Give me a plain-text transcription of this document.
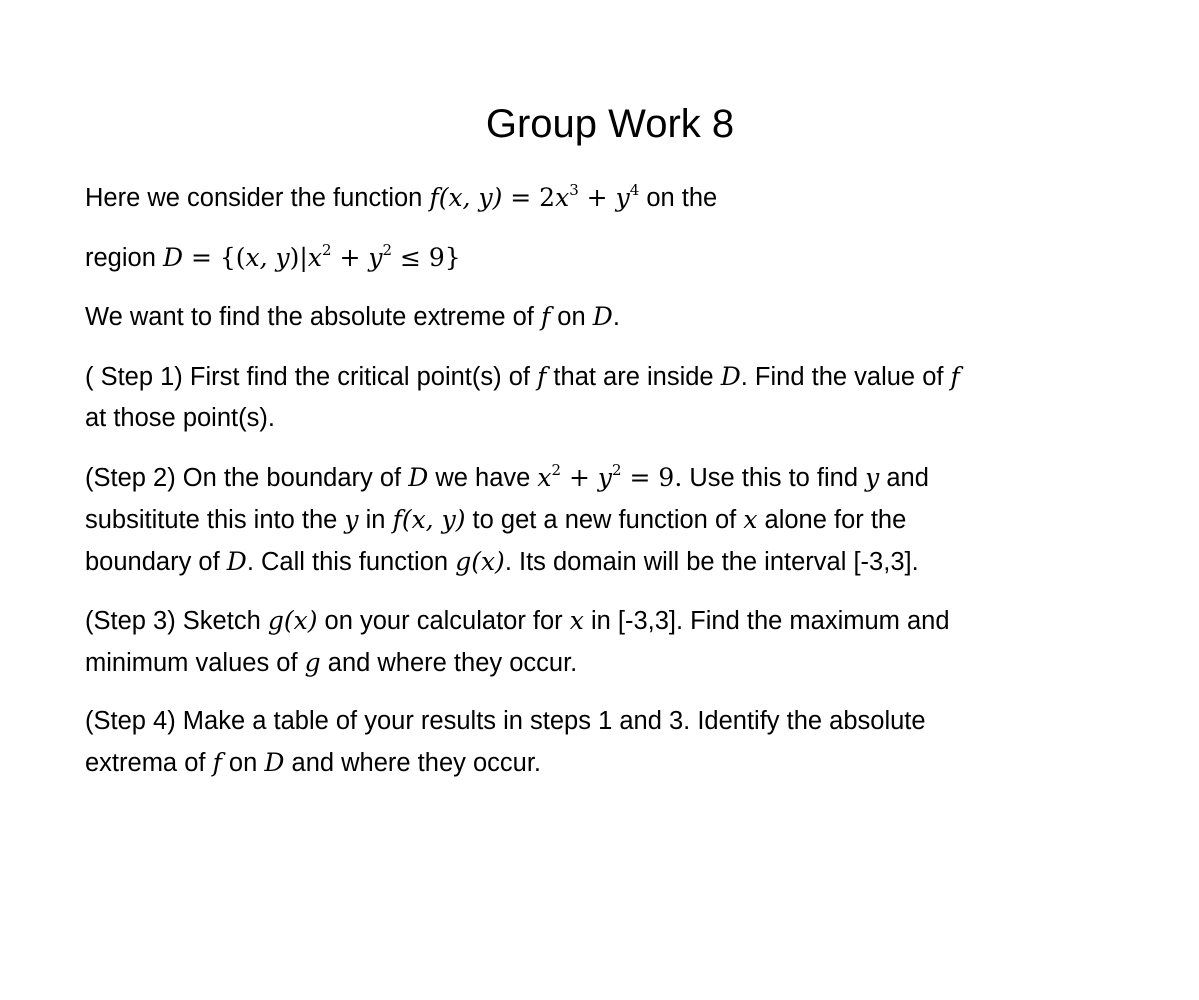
Group Work 8
Here we consider the function f(x, $y) = 2x^3 + y^4$ on the
region D = {(x, $y)|x^2 + y^2 \le 9$}
We want to find the absolute extreme of f on D.
( Step 1) First find the critical point(s) of f that are inside D. Find the value of f
at those point(s).
(Step 2) On the boundary of D we have $x^2 + y^2 = 9$. Use this to find y and
subsititute this into the y in f(x, y) to get a new function of x alone for the
boundary of D. Call this function g(x). Its domain will be the interval [-3,3].
(Step 3) Sketch g(x) on your calculator for x in [-3,3]. Find the maximum and
minimum values of g and where they occur.
(Step 4) Make a table of your results in steps 1 and 3. Identify the absolute
extrema of f on D and where they occur.
